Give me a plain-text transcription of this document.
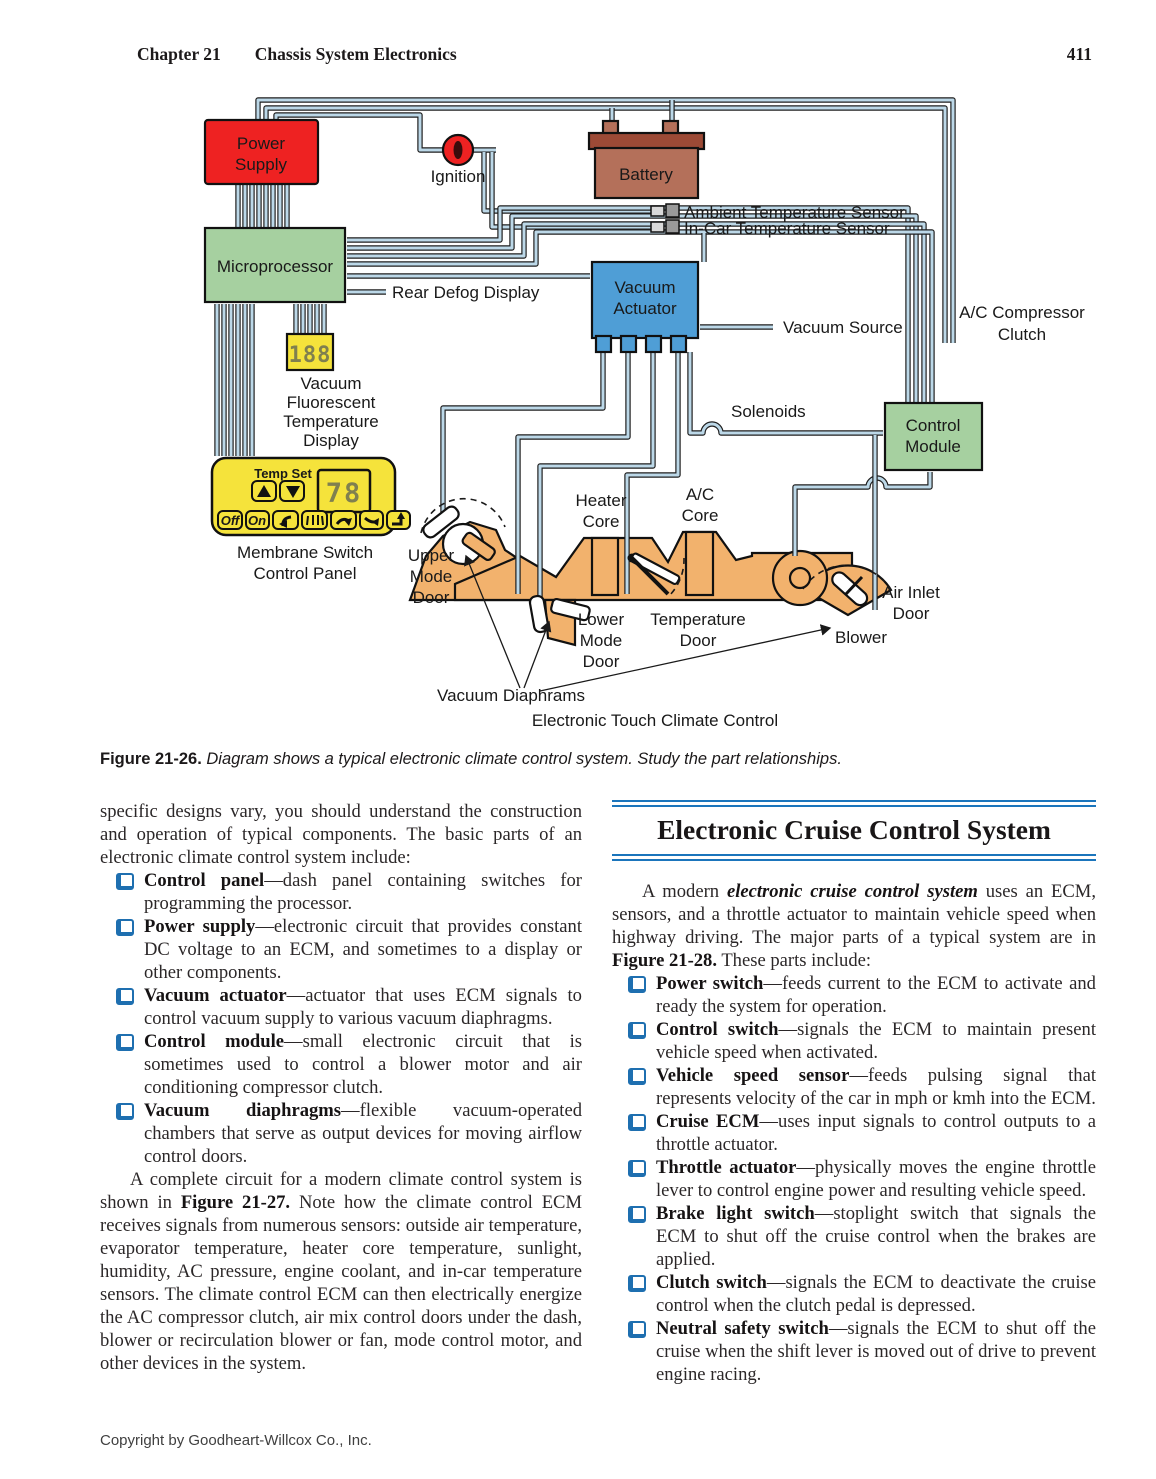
Chapter 21 Chassis System Electronics	411
Power
Supply
Ignition	Battery
Ambient Temperature Sensor
In-Car Temperature Sensor
Microprocessor
Rear Defog Display
188
Vacuum
Fluorescent
Temperature
Display
Vacuum
Actuator
Vacuum Source
A/C Compressor
Clutch
Solenoids
Control
Module
Temp Set
78
Off On
Membrane Switch
Control Panel
Heater
Core
A/C
Core
Upper
Mode
Door
Lower
Mode
Door
Temperature
Door	Blower
Air Inlet
Door
Vacuum Diaphrams
Electronic Touch Climate Control
Figure 21-26. Diagram shows a typical electronic climate control system. Study the part relationships.

specific designs vary, you should understand the construction and operation of typical components. The basic parts of an electronic climate control system include:

Control panel—dash panel containing switches for programming the processor.
Power supply—electronic circuit that provides constant DC voltage to an ECM, and sometimes to a display or other components.
Vacuum actuator—actuator that uses ECM signals to control vacuum supply to various vacuum diaphragms.
Control module—small electronic circuit that is sometimes used to control a blower motor and air conditioning compressor clutch.
Vacuum diaphragms—flexible vacuum-operated chambers that serve as output devices for moving airflow control doors.

A complete circuit for a modern climate control system is shown in Figure 21-27. Note how the climate control ECM receives signals from numerous sensors: outside air temperature, evaporator temperature, heater core temperature, sunlight, humidity, AC pressure, engine coolant, and in-car temperature sensors. The climate control ECM can then electrically energize the AC compressor clutch, air mix control doors under the dash, blower or recirculation blower or fan, mode control motor, and other devices in the system.

Electronic Cruise Control System

A modern electronic cruise control system uses an ECM, sensors, and a throttle actuator to maintain vehicle speed when highway driving. The major parts of a typical system are in Figure 21-28. These parts include:

Power switch—feeds current to the ECM to activate and ready the system for operation.
Control switch—signals the ECM to maintain present vehicle speed when activated.
Vehicle speed sensor—feeds pulsing signal that represents velocity of the car in mph or kmh into the ECM.
Cruise ECM—uses input signals to control outputs to a throttle actuator.
Throttle actuator—physically moves the engine throttle lever to control engine power and resulting vehicle speed.
Brake light switch—stoplight switch that signals the ECM to shut off the cruise control when the brakes are applied.
Clutch switch—signals the ECM to deactivate the cruise control when the clutch pedal is depressed.
Neutral safety switch—signals the ECM to shut off the cruise when the shift lever is moved out of drive to prevent engine racing.
Copyright by Goodheart-Willcox Co., Inc.
